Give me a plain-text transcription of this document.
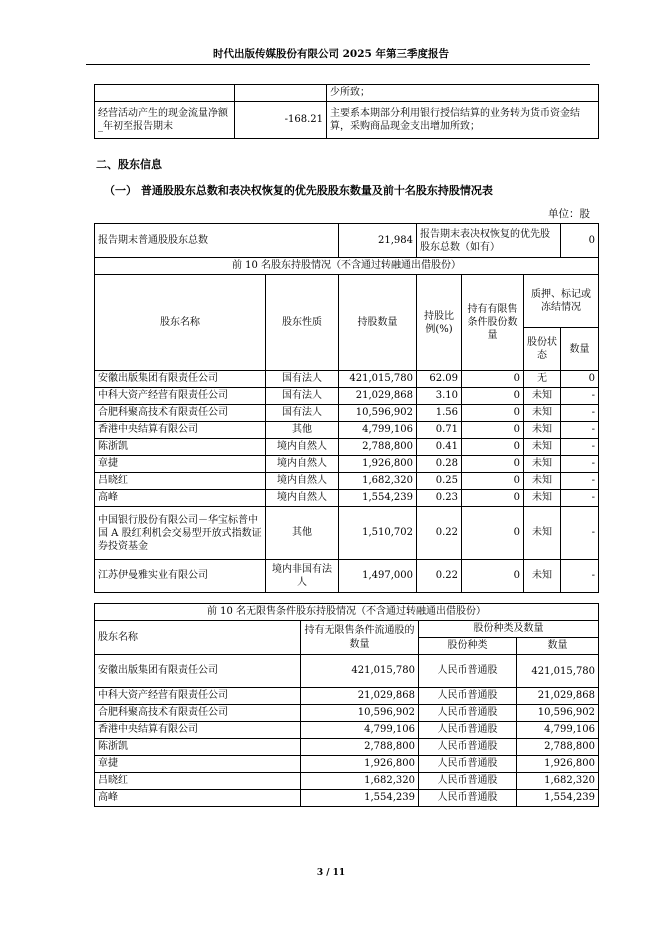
时代出版传媒股份有限公司 2025 年第三季度报告
		少所致；
经营活动产生的现金流量净额_年初至报告期末	-168.21	主要系本期部分利用银行授信结算的业务转为货币资金结算，采购商品现金支出增加所致；
二、股东信息
（一） 普通股股东总数和表决权恢复的优先股股东数量及前十名股东持股情况表
单位：股
报告期末普通股股东总数		21,984	报告期末表决权恢复的优先股股东总数（如有）			0
前 10 名股东持股情况（不含通过转融通出借股份）						
股东名称	股东性质	持股数量	持股比例(%)	持有有限售条件股份数量	质押、标记或冻结情况	
					股份状态	数量
安徽出版集团有限责任公司	国有法人	421,015,780	62.09	0	无	0
中科大资产经营有限责任公司	国有法人	21,029,868	3.10	0	未知	-
合肥科聚高技术有限责任公司	国有法人	10,596,902	1.56	0	未知	-
香港中央结算有限公司	其他	4,799,106	0.71	0	未知	-
陈浙凯	境内自然人	2,788,800	0.41	0	未知	-
章捷	境内自然人	1,926,800	0.28	0	未知	-
吕晓红	境内自然人	1,682,320	0.25	0	未知	-
高峰	境内自然人	1,554,239	0.23	0	未知	-
中国银行股份有限公司－华宝标普中国 A 股红利机会交易型开放式指数证券投资基金	其他	1,510,702	0.22	0	未知	-
江苏伊曼雅实业有限公司	境内非国有法人	1,497,000	0.22	0	未知	-
前 10 名无限售条件股东持股情况（不含通过转融通出借股份）			
股东名称	持有无限售条件流通股的数量	股份种类及数量	
		股份种类	数量
安徽出版集团有限责任公司	421,015,780	人民币普通股	421,015,780
中科大资产经营有限责任公司	21,029,868	人民币普通股	21,029,868
合肥科聚高技术有限责任公司	10,596,902	人民币普通股	10,596,902
香港中央结算有限公司	4,799,106	人民币普通股	4,799,106
陈浙凯	2,788,800	人民币普通股	2,788,800
章捷	1,926,800	人民币普通股	1,926,800
吕晓红	1,682,320	人民币普通股	1,682,320
高峰	1,554,239	人民币普通股	1,554,239
3 / 11
